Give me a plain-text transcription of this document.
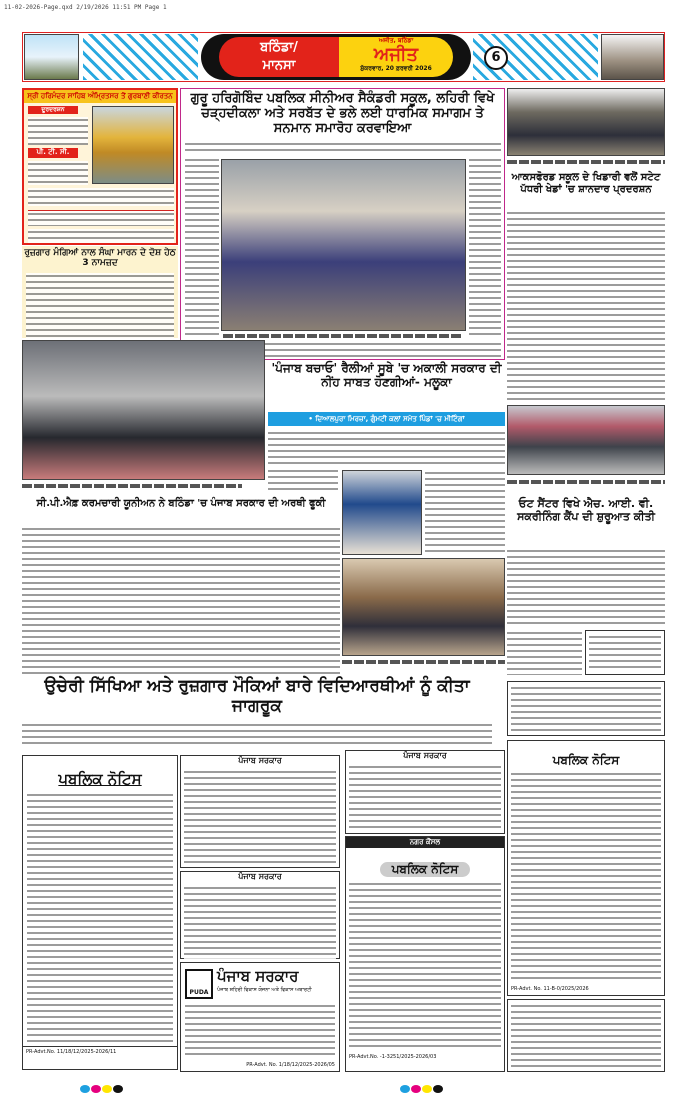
11-02-2026-Page.qxd 2/19/2026 11:51 PM Page 1
ਬਠਿੰਡਾ/
ਮਾਨਸਾ
ਅਜੀਤ, ਬਠਿੰਡਾ
ਅਜੀਤ
ਸ਼ੁੱਕਰਵਾਰ, 20 ਫ਼ਰਵਰੀ 2026
6
ਸ੍ਰੀ ਹਰਿਮੰਦਰ ਸਾਹਿਬ ਅੰਮ੍ਰਿਤਸਰ ਤੋਂ ਗੁਰਬਾਣੀ ਕੀਰਤਨ
ਦੂਰਦਰਸ਼ਨ
ਪੀ. ਟੀ. ਸੀ.
ਰੁਜ਼ਗਾਰ ਮੰਗਿਆਂ ਨਾਲ ਸੰਘਾ ਮਾਰਨ ਦੇ ਦੋਸ਼ ਹੇਠ 3 ਨਾਮਜ਼ਦ
ਗੁਰੂ ਹਰਿਗੋਬਿੰਦ ਪਬਲਿਕ ਸੀਨੀਅਰ ਸੈਕੰਡਰੀ ਸਕੂਲ, ਲਹਿਰੀ ਵਿਖੇ ਚੜ੍ਹਦੀਕਲਾ ਅਤੇ ਸਰਬੱਤ ਦੇ ਭਲੇ ਲਈ ਧਾਰਮਿਕ ਸਮਾਗਮ ਤੇ ਸਨਮਾਨ ਸਮਾਰੋਹ ਕਰਵਾਇਆ
ਆਕਸਫੋਰਡ ਸਕੂਲ ਦੇ ਖਿਡਾਰੀ ਵਲੋਂ ਸਟੇਟ ਪੱਧਰੀ ਖੇਡਾਂ 'ਚ ਸ਼ਾਨਦਾਰ ਪ੍ਰਦਰਸ਼ਨ
ਓਟ ਸੈਂਟਰ ਵਿਖੇ ਐਚ. ਆਈ. ਵੀ. ਸਕਰੀਨਿੰਗ ਕੈਂਪ ਦੀ ਸ਼ੁਰੂਆਤ ਕੀਤੀ
ਸੀ.ਪੀ.ਐਫ਼ ਕਰਮਚਾਰੀ ਯੂਨੀਅਨ ਨੇ ਬਠਿੰਡਾ 'ਚ ਪੰਜਾਬ ਸਰਕਾਰ ਦੀ ਅਰਥੀ ਫੂਕੀ
'ਪੰਜਾਬ ਬਚਾਓ' ਰੈਲੀਆਂ ਸੂਬੇ 'ਚ ਅਕਾਲੀ ਸਰਕਾਰ ਦੀ ਨੀਂਹ ਸਾਬਤ ਹੋਣਗੀਆਂ- ਮਲੂਕਾ
• ਦਿਆਲਪੁਰਾ ਮਿਰਜ਼ਾ, ਗੁੰਮਟੀ ਕਲਾਂ ਸਮੇਤ ਪਿੰਡਾਂ 'ਚ ਮੀਟਿੰਗਾਂ
ਉਚੇਰੀ ਸਿੱਖਿਆ ਅਤੇ ਰੁਜ਼ਗਾਰ ਮੌਕਿਆਂ ਬਾਰੇ ਵਿਦਿਆਰਥੀਆਂ ਨੂੰ ਕੀਤਾ ਜਾਗਰੂਕ
ਪਬਲਿਕ ਨੋਟਿਸ
PR-Advt.No. 11/18/12/2025-2026/11
ਪੰਜਾਬ ਸਰਕਾਰ
ਪੰਜਾਬ ਸਰਕਾਰ
PUDA
ਪੰਜਾਬ ਸਰਕਾਰ
ਪੰਜਾਬ ਸ਼ਹਿਰੀ ਵਿਕਾਸ ਯੋਜਨਾ ਅਤੇ ਵਿਕਾਸ ਅਥਾਰਟੀ
PR-Advt. No. 1/18/12/2025-2026/05
ਪੰਜਾਬ ਸਰਕਾਰ
ਨਗਰ ਕੌਂਸਲ
ਪਬਲਿਕ ਨੋਟਿਸ
PR-Advt.No. -1-3251/2025-2026/03
ਪਬਲਿਕ ਨੋਟਿਸ
PR-Advt. No. 11-B-0/2025/2026
